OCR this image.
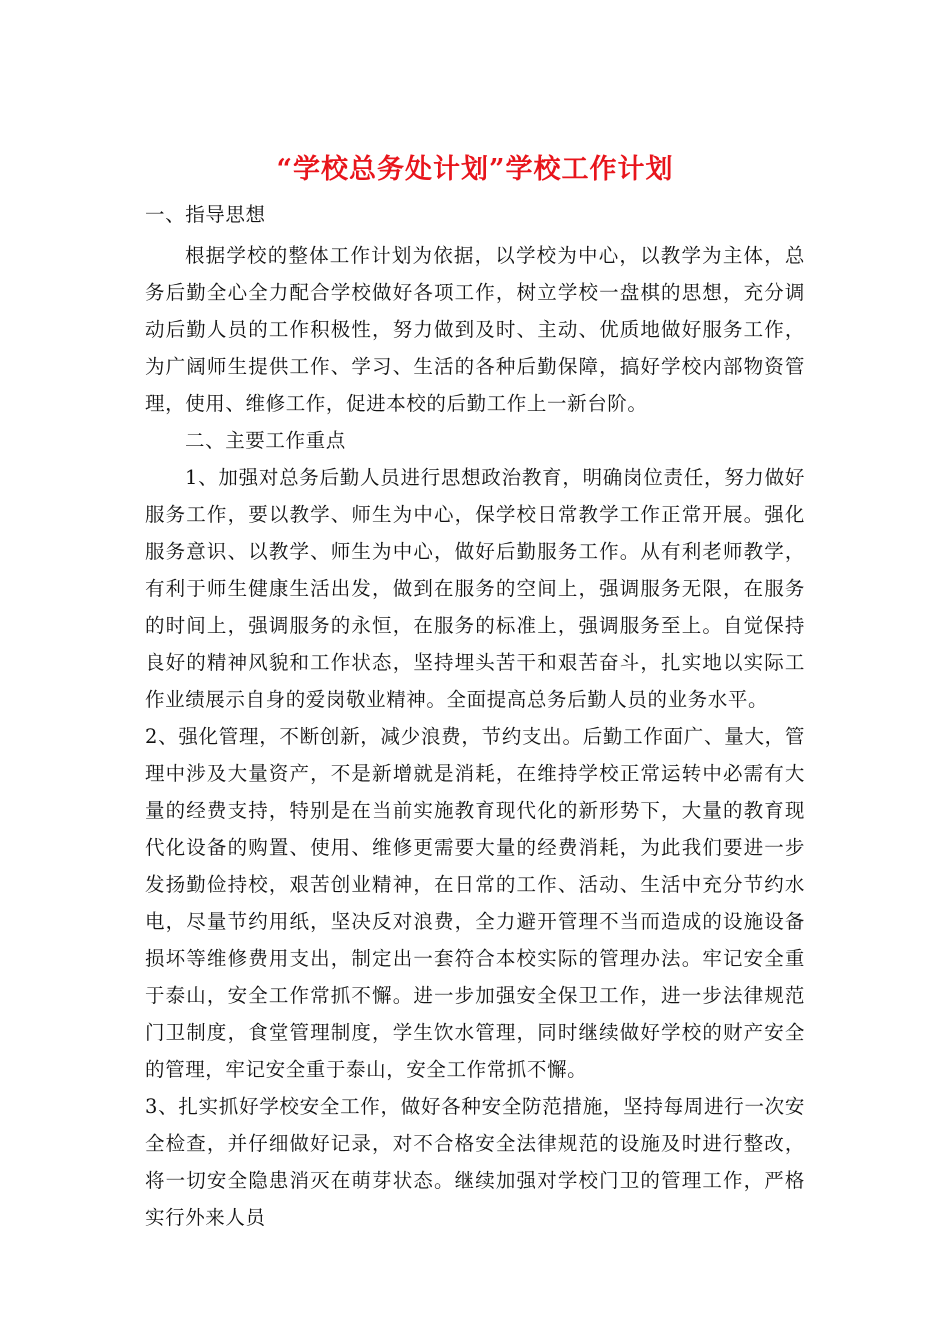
“学校总务处计划”学校工作计划

一、指导思想

根据学校的整体工作计划为依据，以学校为中心，以教学为主体，总务后勤全心全力配合学校做好各项工作，树立学校一盘棋的思想，充分调动后勤人员的工作积极性，努力做到及时、主动、优质地做好服务工作，为广阔师生提供工作、学习、生活的各种后勤保障，搞好学校内部物资管理，使用、维修工作，促进本校的后勤工作上一新台阶。

二、主要工作重点

1、加强对总务后勤人员进行思想政治教育，明确岗位责任，努力做好服务工作，要以教学、师生为中心，保学校日常教学工作正常开展。强化服务意识、以教学、师生为中心，做好后勤服务工作。从有利老师教学，有利于师生健康生活出发，做到在服务的空间上，强调服务无限，在服务的时间上，强调服务的永恒，在服务的标准上，强调服务至上。自觉保持良好的精神风貌和工作状态，坚持埋头苦干和艰苦奋斗，扎实地以实际工作业绩展示自身的爱岗敬业精神。全面提高总务后勤人员的业务水平。

2、强化管理，不断创新，减少浪费，节约支出。后勤工作面广、量大，管理中涉及大量资产，不是新增就是消耗，在维持学校正常运转中必需有大量的经费支持，特别是在当前实施教育现代化的新形势下，大量的教育现代化设备的购置、使用、维修更需要大量的经费消耗，为此我们要进一步发扬勤俭持校，艰苦创业精神，在日常的工作、活动、生活中充分节约水电，尽量节约用纸，坚决反对浪费，全力避开管理不当而造成的设施设备损坏等维修费用支出，制定出一套符合本校实际的管理办法。牢记安全重于泰山，安全工作常抓不懈。进一步加强安全保卫工作，进一步法律规范门卫制度，食堂管理制度，学生饮水管理，同时继续做好学校的财产安全的管理，牢记安全重于泰山，安全工作常抓不懈。

3、扎实抓好学校安全工作，做好各种安全防范措施，坚持每周进行一次安全检查，并仔细做好记录，对不合格安全法律规范的设施及时进行整改，将一切安全隐患消灭在萌芽状态。继续加强对学校门卫的管理工作，严格实行外来人员
